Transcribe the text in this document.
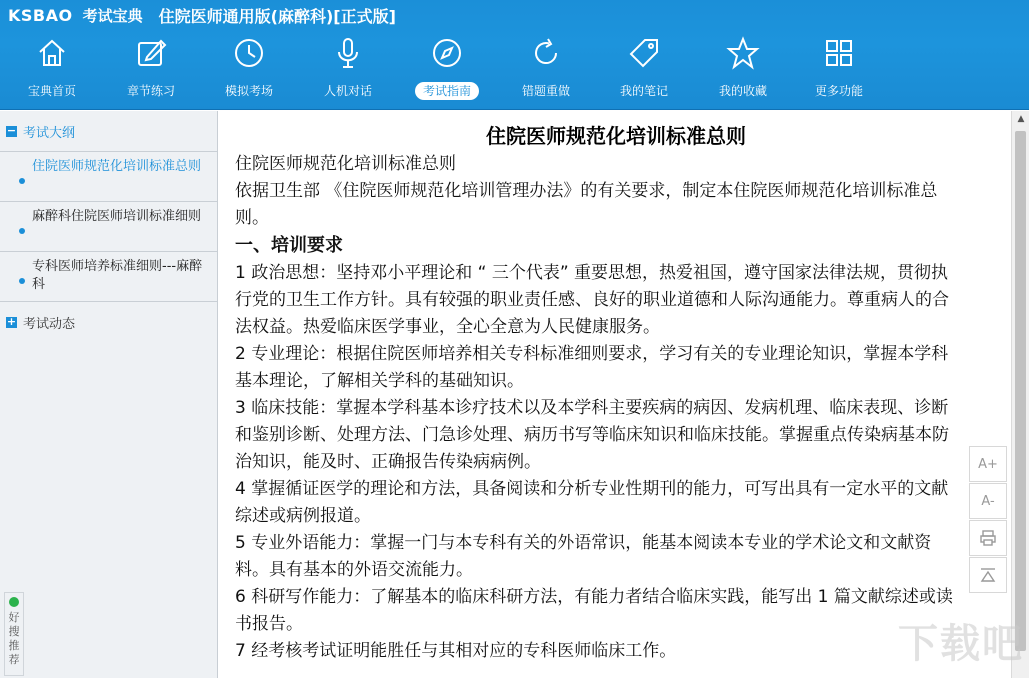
KSBAO 考试宝典 住院医师通用版(麻醉科)[正式版]
宝典首页	章节练习	模拟考场	人机对话	考试指南	错题重做	我的笔记	我的收藏	更多功能
− 考试大纲
住院医师规范化培训标准总则
麻醉科住院医师培训标准细则
专科医师培养标准细则---麻醉科
+ 考试动态
好搜推荐
住院医师规范化培训标准总则
住院医师规范化培训标准总则
依据卫生部 《住院医师规范化培训管理办法》的有关要求，制定本住院医师规范化培训标准总则。
一、培训要求
1 政治思想：坚持邓小平理论和 “ 三个代表” 重要思想，热爱祖国，遵守国家法律法规，贯彻执行党的卫生工作方针。具有较强的职业责任感、良好的职业道德和人际沟通能力。尊重病人的合法权益。热爱临床医学事业，全心全意为人民健康服务。
2 专业理论：根据住院医师培养相关专科标准细则要求，学习有关的专业理论知识，掌握本学科基本理论，了解相关学科的基础知识。
3 临床技能：掌握本学科基本诊疗技术以及本学科主要疾病的病因、发病机理、临床表现、诊断和鉴别诊断、处理方法、门急诊处理、病历书写等临床知识和临床技能。掌握重点传染病基本防治知识，能及时、正确报告传染病病例。
4 掌握循证医学的理论和方法，具备阅读和分析专业性期刊的能力，可写出具有一定水平的文献综述或病例报道。
5 专业外语能力：掌握一门与本专科有关的外语常识，能基本阅读本专业的学术论文和文献资料。具有基本的外语交流能力。
6 科研写作能力：了解基本的临床科研方法，有能力者结合临床实践，能写出 1 篇文献综述或读书报告。
7 经考核考试证明能胜任与其相对应的专科医师临床工作。
A+
A-
▲
下载吧
